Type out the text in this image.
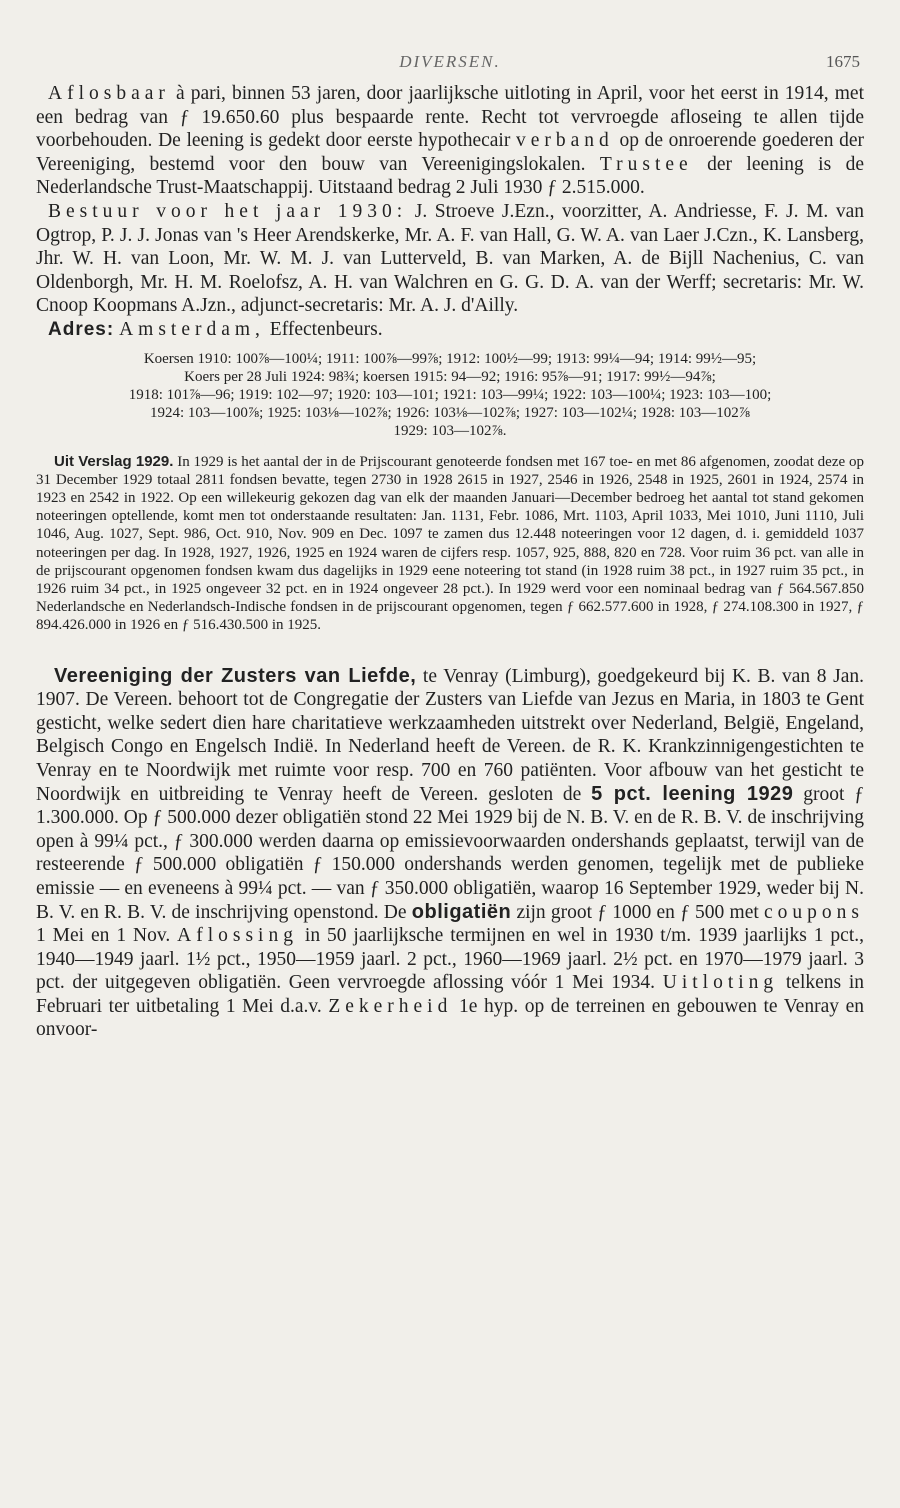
DIVERSEN.	1675

Aflosbaar à pari, binnen 53 jaren, door jaarlijksche uitloting in April, voor het eerst in 1914, met een bedrag van ƒ 19.650.60 plus bespaarde rente. Recht tot vervroegde afloseing te allen tijde voorbehouden. De leening is gedekt door eerste hypothecair verband op de onroerende goederen der Vereeniging, bestemd voor den bouw van Vereenigingslokalen. Trustee der leening is de Nederlandsche Trust-Maatschappij. Uitstaand bedrag 2 Juli 1930 ƒ 2.515.000.

Bestuur voor het jaar 1930: J. Stroeve J.Ezn., voorzitter, A. Andriesse, F. J. M. van Ogtrop, P. J. J. Jonas van 's Heer Arendskerke, Mr. A. F. van Hall, G. W. A. van Laer J.Czn., K. Lansberg, Jhr. W. H. van Loon, Mr. W. M. J. van Lutterveld, B. van Marken, A. de Bijll Nachenius, C. van Oldenborgh, Mr. H. M. Roelofsz, A. H. van Walchren en G. G. D. A. van der Werff; secretaris: Mr. W. Cnoop Koopmans A.Jzn., adjunct-secretaris: Mr. A. J. d'Ailly.

Adres: Amsterdam, Effectenbeurs.

Koersen 1910: 100⅞—100¼; 1911: 100⅞—99⅞; 1912: 100½—99; 1913: 99¼—94; 1914: 99½—95;
Koers per 28 Juli 1924: 98¾; koersen 1915: 94—92; 1916: 95⅞—91; 1917: 99½—94⅞;
1918: 101⅞—96; 1919: 102—97; 1920: 103—101; 1921: 103—99¼; 1922: 103—100¼; 1923: 103—100;
1924: 103—100⅞; 1925: 103⅛—102⅞; 1926: 103⅛—102⅞; 1927: 103—102¼; 1928: 103—102⅞
1929: 103—102⅞.

Uit Verslag 1929. In 1929 is het aantal der in de Prijscourant genoteerde fondsen met 167 toe- en met 86 afgenomen, zoodat deze op 31 December 1929 totaal 2811 fondsen bevatte, tegen 2730 in 1928 2615 in 1927, 2546 in 1926, 2548 in 1925, 2601 in 1924, 2574 in 1923 en 2542 in 1922. Op een willekeurig gekozen dag van elk der maanden Januari—December bedroeg het aantal tot stand gekomen noteeringen optellende, komt men tot onderstaande resultaten: Jan. 1131, Febr. 1086, Mrt. 1103, April 1033, Mei 1010, Juni 1110, Juli 1046, Aug. 1027, Sept. 986, Oct. 910, Nov. 909 en Dec. 1097 te zamen dus 12.448 noteeringen voor 12 dagen, d. i. gemiddeld 1037 noteeringen per dag. In 1928, 1927, 1926, 1925 en 1924 waren de cijfers resp. 1057, 925, 888, 820 en 728. Voor ruim 36 pct. van alle in de prijscourant opgenomen fondsen kwam dus dagelijks in 1929 eene noteering tot stand (in 1928 ruim 38 pct., in 1927 ruim 35 pct., in 1926 ruim 34 pct., in 1925 ongeveer 32 pct. en in 1924 ongeveer 28 pct.). In 1929 werd voor een nominaal bedrag van ƒ 564.567.850 Nederlandsche en Nederlandsch-Indische fondsen in de prijscourant opgenomen, tegen ƒ 662.577.600 in 1928, ƒ 274.108.300 in 1927, ƒ 894.426.000 in 1926 en ƒ 516.430.500 in 1925.

Vereeniging der Zusters van Liefde, te Venray (Limburg), goedgekeurd bij K. B. van 8 Jan. 1907. De Vereen. behoort tot de Congregatie der Zusters van Liefde van Jezus en Maria, in 1803 te Gent gesticht, welke sedert dien hare charitatieve werkzaamheden uitstrekt over Nederland, België, Engeland, Belgisch Congo en Engelsch Indië. In Nederland heeft de Vereen. de R. K. Krankzinnigengestichten te Venray en te Noordwijk met ruimte voor resp. 700 en 760 patiënten. Voor afbouw van het gesticht te Noordwijk en uitbreiding te Venray heeft de Vereen. gesloten de 5 pct. leening 1929 groot ƒ 1.300.000. Op ƒ 500.000 dezer obligatiën stond 22 Mei 1929 bij de N. B. V. en de R. B. V. de inschrijving open à 99¼ pct., ƒ 300.000 werden daarna op emissievoorwaarden ondershands geplaatst, terwijl van de resteerende ƒ 500.000 obligatiën ƒ 150.000 ondershands werden genomen, tegelijk met de publieke emissie — en eveneens à 99¼ pct. — van ƒ 350.000 obligatiën, waarop 16 September 1929, weder bij N. B. V. en R. B. V. de inschrijving openstond. De obligatiën zijn groot ƒ 1000 en ƒ 500 met coupons 1 Mei en 1 Nov. Aflossing in 50 jaarlijksche termijnen en wel in 1930 t/m. 1939 jaarlijks 1 pct., 1940—1949 jaarl. 1½ pct., 1950—1959 jaarl. 2 pct., 1960—1969 jaarl. 2½ pct. en 1970—1979 jaarl. 3 pct. der uitgegeven obligatiën. Geen vervroegde aflossing vóór 1 Mei 1934. Uitloting telkens in Februari ter uitbetaling 1 Mei d.a.v. Zekerheid 1e hyp. op de terreinen en gebouwen te Venray en onvoor-
